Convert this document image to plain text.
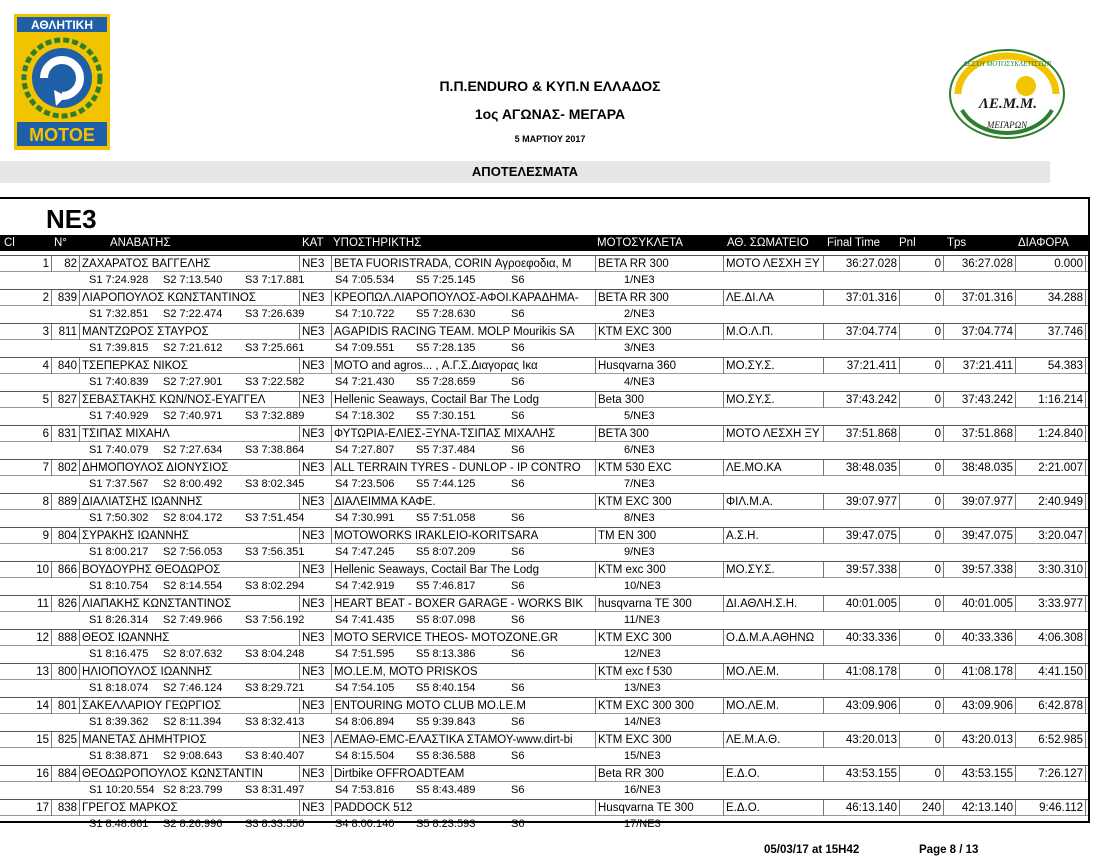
ΑΘΛΗΤΙΚΗ
MOTOE
ΛΕΣΧΗ ΜΟΤΟΣΥΚΛΕΤΙΣΤΩΝ
ΛΕ.Μ.Μ.
ΜΕΓΑΡΩΝ
Π.Π.ENDURO & ΚΥΠ.Ν ΕΛΛΑΔΟΣ
1ος ΑΓΩΝΑΣ- ΜΕΓΑΡΑ
5 ΜΑΡΤΙΟΥ 2017
ΑΠΟΤΕΛΕΣΜΑΤΑ
NE3
Cl	N°	ΑΝΑΒΑΤΗΣ	ΚΑΤ ΥΠΟΣΤΗΡΙΚΤΗΣ	ΜΟΤΟΣΥΚΛΕΤΑ	ΑΘ. ΣΩΜΑΤΕΙΟ Final Time Pnl	Tps	ΔΙΑΦΟΡΑ
1	82 ΖΑΧΑΡΑΤΟΣ ΒΑΓΓΕΛΗΣ	NE3 BETA FUORISTRADA, CORIN Αγροεφοδια, Μ	BETA RR 300	ΜΟΤΟ ΛΕΣΧΗ ΞΥ	36:27.028	0	36:27.028	0.000
S1 7:24.928 S2 7:13.540 S3 7:17.881	S4 7:05.534 S5 7:25.145	S6	1/NE3
2 839 ΛΙΑΡΟΠΟΥΛΟΣ ΚΩΝΣΤΑΝΤΙΝΟΣ	NE3 ΚΡΕΟΠΩΛ.ΛΙΑΡΟΠΟΥΛΟΣ-ΑΦΟΙ.ΚΑΡΑΔΗΜΑ-	BETA RR 300	ΛΕ.ΔΙ.ΛΑ	37:01.316	0	37:01.316	34.288
S1 7:32.851 S2 7:22.474 S3 7:26.639	S4 7:10.722 S5 7:28.630	S6	2/NE3
3 811 ΜΑΝΤΖΩΡΟΣ ΣΤΑΥΡΟΣ	NE3 AGAPIDIS RACING TEAM. MOLP Mourikis SA	KTM EXC 300	Μ.Ο.Λ.Π.	37:04.774	0	37:04.774	37.746
S1 7:39.815 S2 7:21.612 S3 7:25.661	S4 7:09.551 S5 7:28.135	S6	3/NE3
4 840 ΤΣΕΠΕΡΚΑΣ ΝΙΚΟΣ	NE3 MOTO and agros... , Α.Γ.Σ.Διαγορας Ικα	Husqvarna 360	ΜΟ.ΣΥ.Σ.	37:21.411	0	37:21.411	54.383
S1 7:40.839 S2 7:27.901 S3 7:22.582	S4 7:21.430 S5 7:28.659	S6	4/NE3
5 827 ΣΕΒΑΣΤΑΚΗΣ ΚΩΝ/ΝΟΣ-ΕΥΑΓΓΕΛ	NE3 Hellenic Seaways, Coctail Bar The Lodg	Beta 300	ΜΟ.ΣΥ.Σ.	37:43.242	0	37:43.242	1:16.214
S1 7:40.929 S2 7:40.971 S3 7:32.889	S4 7:18.302 S5 7:30.151	S6	5/NE3
6 831 ΤΣΙΠΑΣ ΜΙΧΑΗΛ	NE3 ΦΥΤΩΡΙΑ-ΕΛΙΕΣ-ΞΥΝΑ-ΤΣΙΠΑΣ ΜΙΧΑΛΗΣ	BETA 300	ΜΟΤΟ ΛΕΣΧΗ ΞΥ	37:51.868	0	37:51.868	1:24.840
S1 7:40.079 S2 7:27.634 S3 7:38.864	S4 7:27.807 S5 7:37.484	S6	6/NE3
7 802 ΔΗΜΟΠΟΥΛΟΣ ΔΙΟΝΥΣΙΟΣ	NE3 ALL TERRAIN TYRES - DUNLOP - IP CONTRO	KTM 530 EXC	ΛΕ.ΜΟ.ΚΑ	38:48.035	0	38:48.035	2:21.007
S1 7:37.567 S2 8:00.492 S3 8:02.345	S4 7:23.506 S5 7:44.125	S6	7/NE3
8 889 ΔΙΑΛΙΑΤΣΗΣ ΙΩΑΝΝΗΣ	NE3 ΔΙΑΛΕΙΜΜΑ ΚΑΦΕ.	KTM EXC 300	ΦΙΛ.Μ.Α.	39:07.977	0	39:07.977	2:40.949
S1 7:50.302 S2 8:04.172 S3 7:51.454	S4 7:30.991 S5 7:51.058	S6	8/NE3
9 804 ΣΥΡΑΚΗΣ ΙΩΑΝΝΗΣ	NE3 MOTOWORKS IRAKLEIO-KORITSARA	TM EN 300	Α.Σ.Η.	39:47.075	0	39:47.075	3:20.047
S1 8:00.217 S2 7:56.053 S3 7:56.351	S4 7:47.245 S5 8:07.209	S6	9/NE3
10 866 ΒΟΥΔΟΥΡΗΣ ΘΕΟΔΩΡΟΣ	NE3 Hellenic Seaways, Coctail Bar The Lodg	KTM exc 300	ΜΟ.ΣΥ.Σ.	39:57.338	0	39:57.338	3:30.310
S1 8:10.754 S2 8:14.554 S3 8:02.294	S4 7:42.919 S5 7:46.817	S6	10/NE3
11 826 ΛΙΑΠΑΚΗΣ ΚΩΝΣΤΑΝΤΙΝΟΣ	NE3 HEART BEAT - BOXER GARAGE - WORKS BIK	husqvarna TE 300	ΔΙ.ΑΘΛΗ.Σ.Η.	40:01.005	0	40:01.005	3:33.977
S1 8:26.314 S2 7:49.966 S3 7:56.192	S4 7:41.435 S5 8:07.098	S6	11/NE3
12 888 ΘΕΟΣ ΙΩΑΝΝΗΣ	NE3 MOTO SERVICE THEOS- MOTOZONE.GR	KTM EXC 300	Ο.Δ.Μ.Α.ΑΘΗΝΩ	40:33.336	0	40:33.336	4:06.308
S1 8:16.475 S2 8:07.632 S3 8:04.248	S4 7:51.595 S5 8:13.386	S6	12/NE3
13 800 ΗΛΙΟΠΟΥΛΟΣ ΙΩΑΝΝΗΣ	NE3 MO.LE.M, MOTO PRISKOS	KTM exc f 530	ΜΟ.ΛΕ.Μ.	41:08.178	0	41:08.178	4:41.150
S1 8:18.074 S2 7:46.124 S3 8:29.721	S4 7:54.105 S5 8:40.154	S6	13/NE3
14 801 ΣΑΚΕΛΛΑΡΙΟΥ ΓΕΩΡΓΙΟΣ	NE3 ENTOURING MOTO CLUB MO.LE.M	KTM EXC 300 300	ΜΟ.ΛΕ.Μ.	43:09.906	0	43:09.906	6:42.878
S1 8:39.362 S2 8:11.394 S3 8:32.413	S4 8:06.894 S5 9:39.843	S6	14/NE3
15 825 ΜΑΝΕΤΑΣ ΔΗΜΗΤΡΙΟΣ	NE3 ΛΕΜΑΘ-EMC-ΕΛΑΣΤΙΚΑ ΣΤΑΜΟΥ-www.dirt-bi	KTM EXC 300	ΛΕ.Μ.Α.Θ.	43:20.013	0	43:20.013	6:52.985
S1 8:38.871 S2 9:08.643 S3 8:40.407	S4 8:15.504 S5 8:36.588	S6	15/NE3
16 884 ΘΕΟΔΩΡΟΠΟΥΛΟΣ ΚΩΝΣΤΑΝΤΙΝ	NE3 Dirtbike OFFROADTEAM	Beta RR 300	Ε.Δ.Ο.	43:53.155	0	43:53.155	7:26.127
S1 10:20.554 S2 8:23.799 S3 8:31.497	S4 7:53.816 S5 8:43.489	S6	16/NE3
17 838 ΓΡΕΓΟΣ ΜΑΡΚΟΣ	NE3 PADDOCK 512	Husqvarna TE 300	Ε.Δ.Ο.	46:13.140	240	42:13.140	9:46.112
S1 8:48.861 S2 8:26.996 S3 8:33.550	S4 8:00.140 S5 8:23.593	S6	17/NE3
05/03/17 at 15H42	Page 8 / 13
